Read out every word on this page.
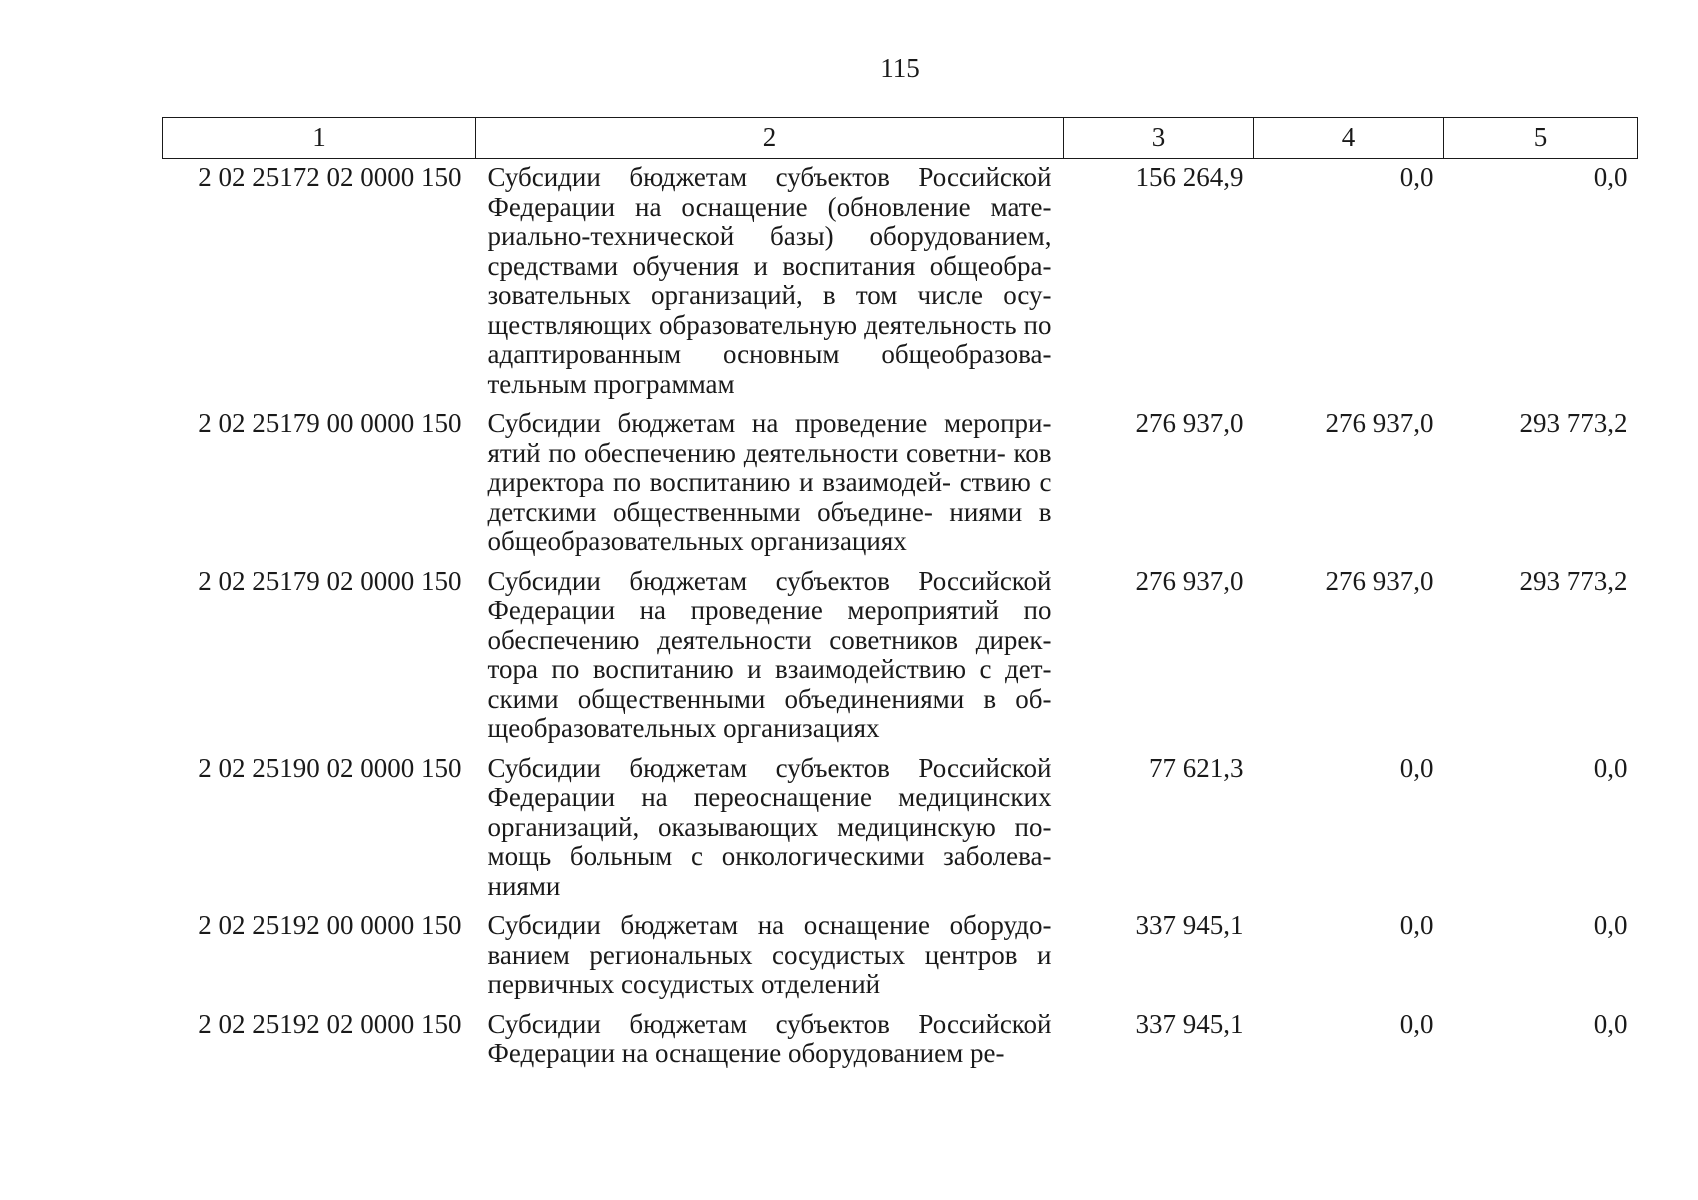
115
1	2	3	4	5
2 02 25172 02 0000 150	Субсидии бюджетам субъектов Российской Федерации на оснащение (обновление мате- риально-технической базы) оборудованием, средствами обучения и воспитания общеобра- зовательных организаций, в том числе осу- ществляющих образовательную деятельность по адаптированным основным общеобразова- тельным программам	156 264,9	0,0	0,0
2 02 25179 00 0000 150	Субсидии бюджетам на проведение меропри- ятий по обеспечению деятельности советни- ков директора по воспитанию и взаимодей- ствию с детскими общественными объедине- ниями в общеобразовательных организациях	276 937,0	276 937,0	293 773,2
2 02 25179 02 0000 150	Субсидии бюджетам субъектов Российской Федерации на проведение мероприятий по обеспечению деятельности советников дирек- тора по воспитанию и взаимодействию с дет- скими общественными объединениями в об- щеобразовательных организациях	276 937,0	276 937,0	293 773,2
2 02 25190 02 0000 150	Субсидии бюджетам субъектов Российской Федерации на переоснащение медицинских организаций, оказывающих медицинскую по- мощь больным с онкологическими заболева- ниями	77 621,3	0,0	0,0
2 02 25192 00 0000 150	Субсидии бюджетам на оснащение оборудо- ванием региональных сосудистых центров и первичных сосудистых отделений	337 945,1	0,0	0,0
2 02 25192 02 0000 150	Субсидии бюджетам субъектов Российской Федерации на оснащение оборудованием ре-	337 945,1	0,0	0,0
